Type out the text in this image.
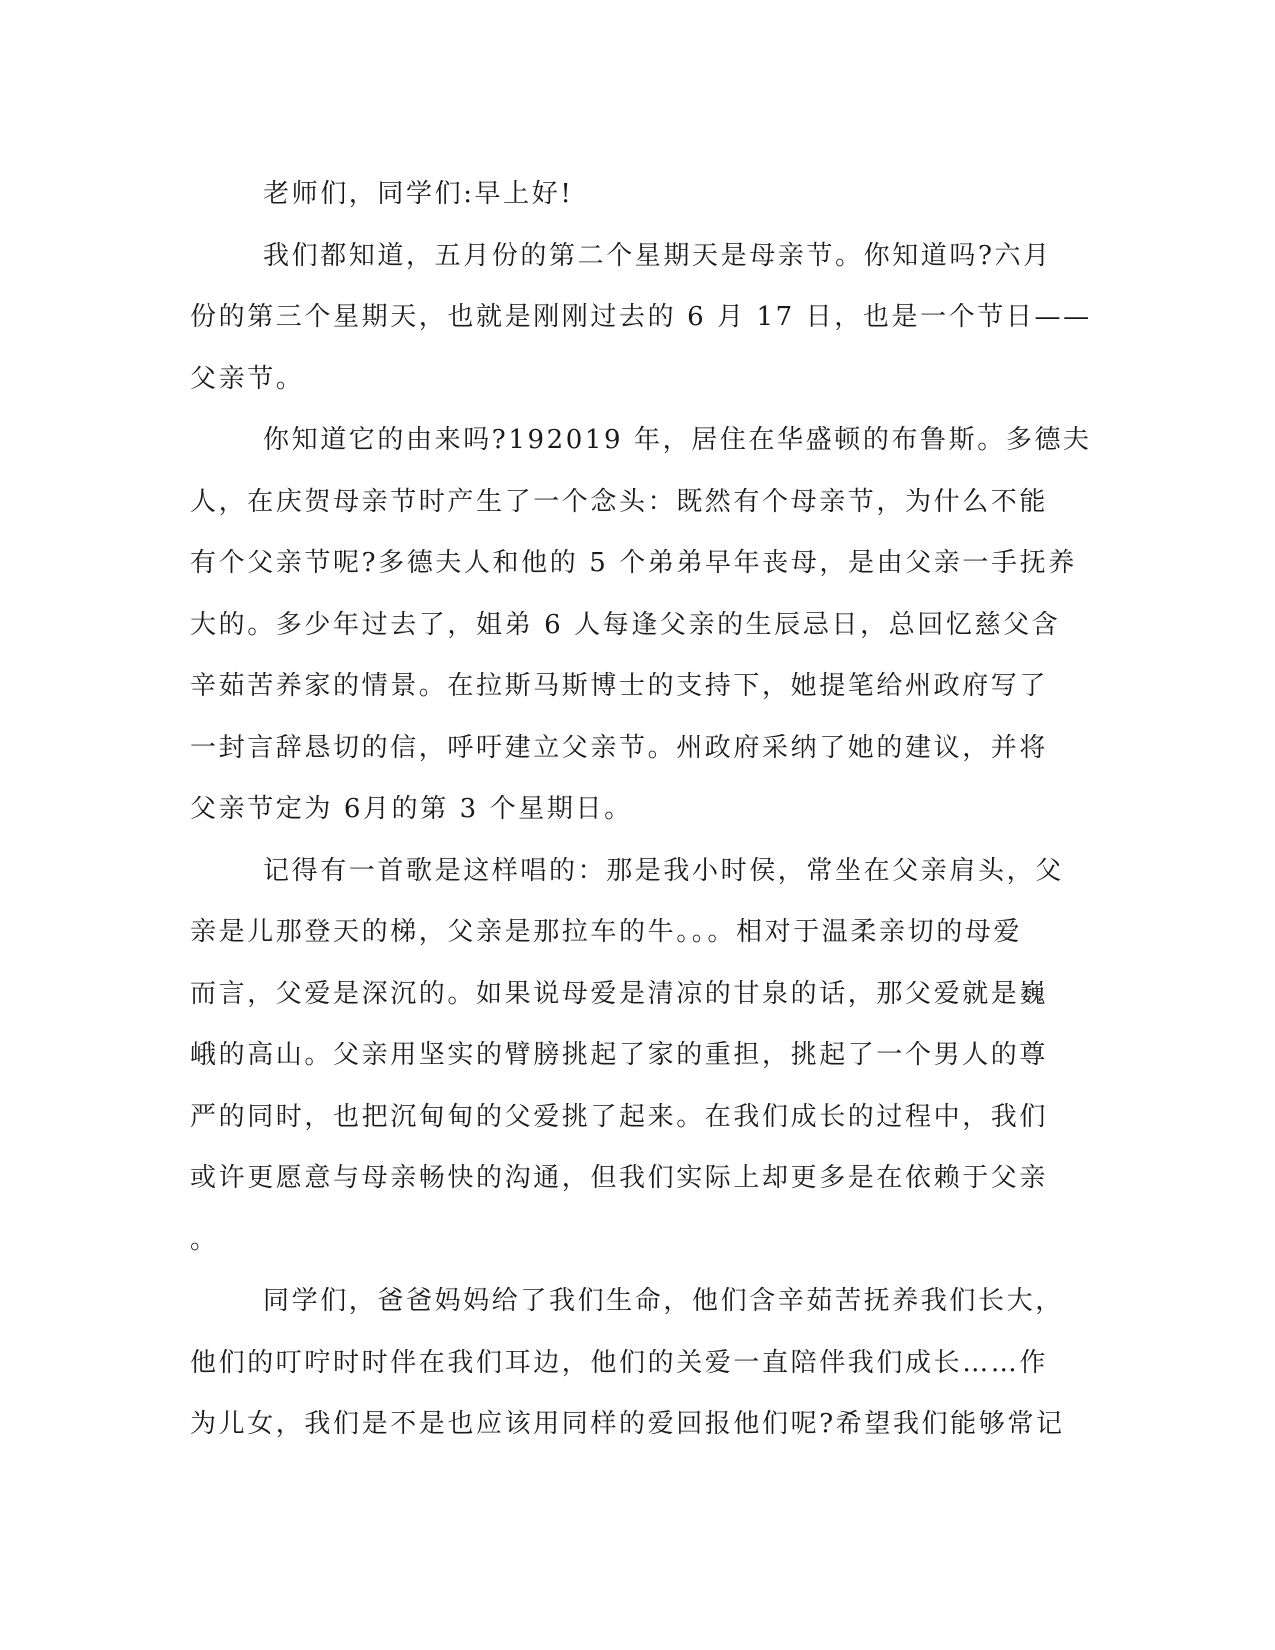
老师们，同学们:早上好!
我们都知道，五月份的第二个星期天是母亲节。你知道吗?六月
份的第三个星期天，也就是刚刚过去的 6 月 17 日，也是一个节日——
父亲节。
你知道它的由来吗?192019 年，居住在华盛顿的布鲁斯。多德夫
人，在庆贺母亲节时产生了一个念头：既然有个母亲节，为什么不能
有个父亲节呢?多德夫人和他的 5 个弟弟早年丧母，是由父亲一手抚养
大的。多少年过去了，姐弟 6 人每逢父亲的生辰忌日，总回忆慈父含
辛茹苦养家的情景。在拉斯马斯博士的支持下，她提笔给州政府写了
一封言辞恳切的信，呼吁建立父亲节。州政府采纳了她的建议，并将
父亲节定为 6月的第 3 个星期日。
记得有一首歌是这样唱的：那是我小时侯，常坐在父亲肩头，父
亲是儿那登天的梯，父亲是那拉车的牛。。。相对于温柔亲切的母爱
而言，父爱是深沉的。如果说母爱是清凉的甘泉的话，那父爱就是巍
峨的高山。父亲用坚实的臂膀挑起了家的重担，挑起了一个男人的尊
严的同时，也把沉甸甸的父爱挑了起来。在我们成长的过程中，我们
或许更愿意与母亲畅快的沟通，但我们实际上却更多是在依赖于父亲
。
同学们，爸爸妈妈给了我们生命，他们含辛茹苦抚养我们长大，
他们的叮咛时时伴在我们耳边，他们的关爱一直陪伴我们成长……作
为儿女，我们是不是也应该用同样的爱回报他们呢?希望我们能够常记
